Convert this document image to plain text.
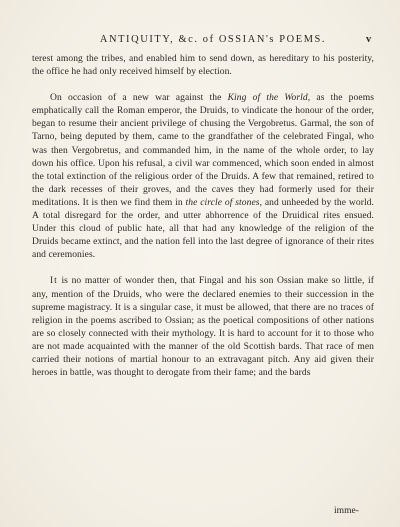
ANTIQUITY, &c. of OSSIAN's POEMS.	v

terest among the tribes, and enabled him to send down, as hereditary to his posterity, the office he had only received himself by election.

On occasion of a new war against the King of the World, as the poems emphatically call the Roman emperor, the Druids, to vindicate the honour of the order, began to resume their ancient privilege of chusing the Vergobretus. Garmal, the son of Tarno, being deputed by them, came to the grandfather of the celebrated Fingal, who was then Vergobretus, and commanded him, in the name of the whole order, to lay down his office. Upon his refusal, a civil war commenced, which soon ended in almost the total extinction of the religious order of the Druids. A few that remained, retired to the dark recesses of their groves, and the caves they had formerly used for their meditations. It is then we find them in the circle of stones, and unheeded by the world. A total disregard for the order, and utter abhorrence of the Druidical rites ensued. Under this cloud of public hate, all that had any knowledge of the religion of the Druids became extinct, and the nation fell into the last degree of ignorance of their rites and ceremonies.

It is no matter of wonder then, that Fingal and his son Ossian make so little, if any, mention of the Druids, who were the declared enemies to their succession in the supreme magistracy. It is a singular case, it must be allowed, that there are no traces of religion in the poems ascribed to Ossian; as the poetical compositions of other nations are so closely connected with their mythology. It is hard to account for it to those who are not made acquainted with the manner of the old Scottish bards. That race of men carried their notions of martial honour to an extravagant pitch. Any aid given their heroes in battle, was thought to derogate from their fame; and the bards

imme-
